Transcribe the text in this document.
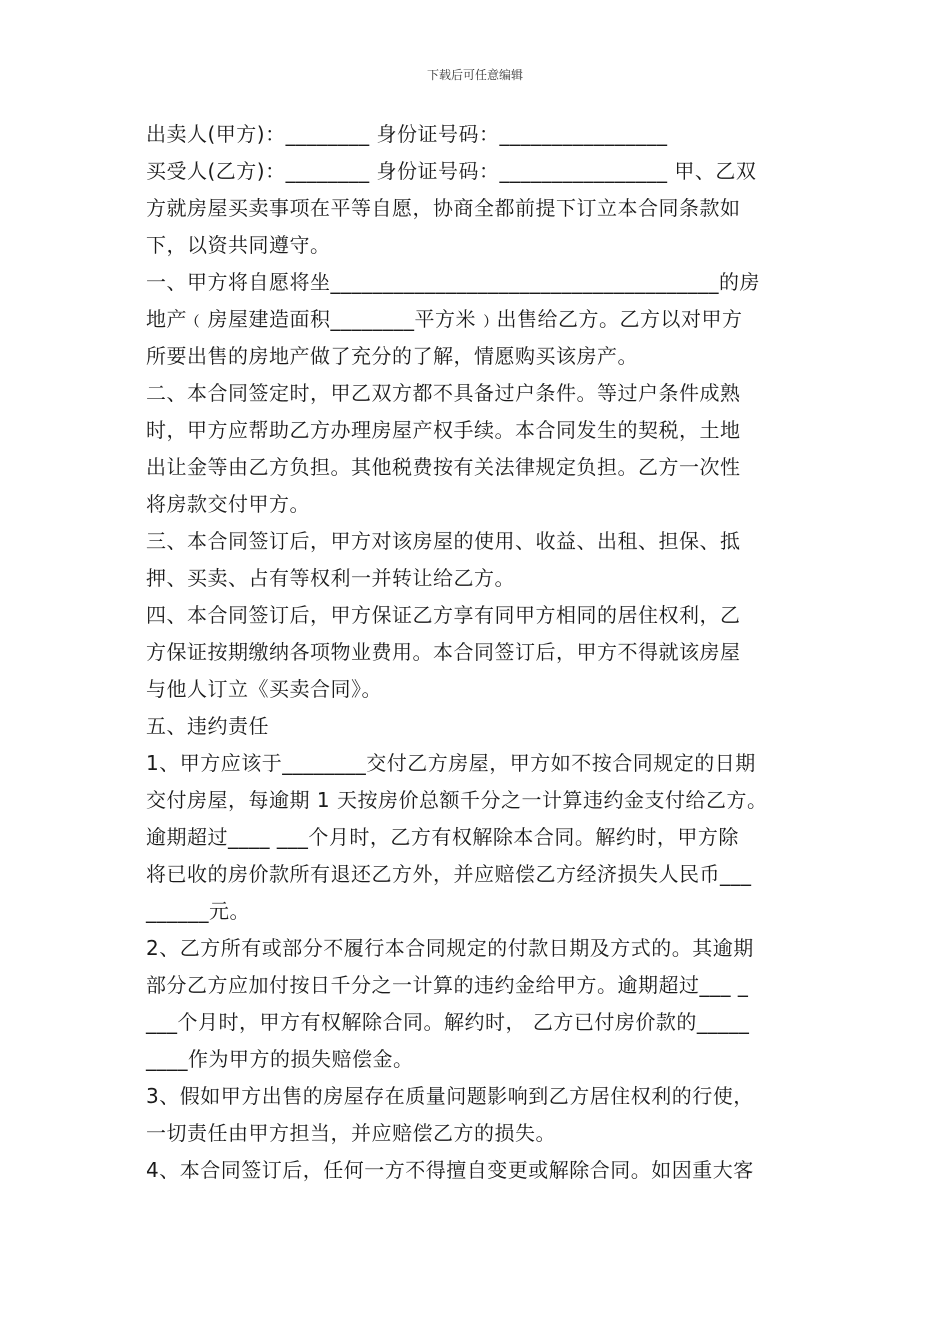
下载后可任意编辑
出卖人(甲方)：________ 身份证号码：________________
买受人(乙方)：________ 身份证号码：________________ 甲、乙双
方就房屋买卖事项在平等自愿，协商全都前提下订立本合同条款如
下，以资共同遵守。
一、甲方将自愿将坐_____________________________________的房
地产﹙房屋建造面积________平方米﹚出售给乙方。乙方以对甲方
所要出售的房地产做了充分的了解，情愿购买该房产。
二、本合同签定时，甲乙双方都不具备过户条件。等过户条件成熟
时，甲方应帮助乙方办理房屋产权手续。本合同发生的契税，土地
出让金等由乙方负担。其他税费按有关法律规定负担。乙方一次性
将房款交付甲方。
三、本合同签订后，甲方对该房屋的使用、收益、出租、担保、抵
押、买卖、占有等权利一并转让给乙方。
四、本合同签订后，甲方保证乙方享有同甲方相同的居住权利，乙
方保证按期缴纳各项物业费用。本合同签订后，甲方不得就该房屋
与他人订立《买卖合同》。
五、违约责任
1、甲方应该于________交付乙方房屋，甲方如不按合同规定的日期
交付房屋，每逾期 1 天按房价总额千分之一计算违约金支付给乙方。
逾期超过____ ___个月时，乙方有权解除本合同。解约时，甲方除
将已收的房价款所有退还乙方外，并应赔偿乙方经济损失人民币___
______元。
2、乙方所有或部分不履行本合同规定的付款日期及方式的。其逾期
部分乙方应加付按日千分之一计算的违约金给甲方。逾期超过___ _
___个月时，甲方有权解除合同。解约时， 乙方已付房价款的_____
____作为甲方的损失赔偿金。
3、假如甲方出售的房屋存在质量问题影响到乙方居住权利的行使，
一切责任由甲方担当，并应赔偿乙方的损失。
4、本合同签订后，任何一方不得擅自变更或解除合同。如因重大客
